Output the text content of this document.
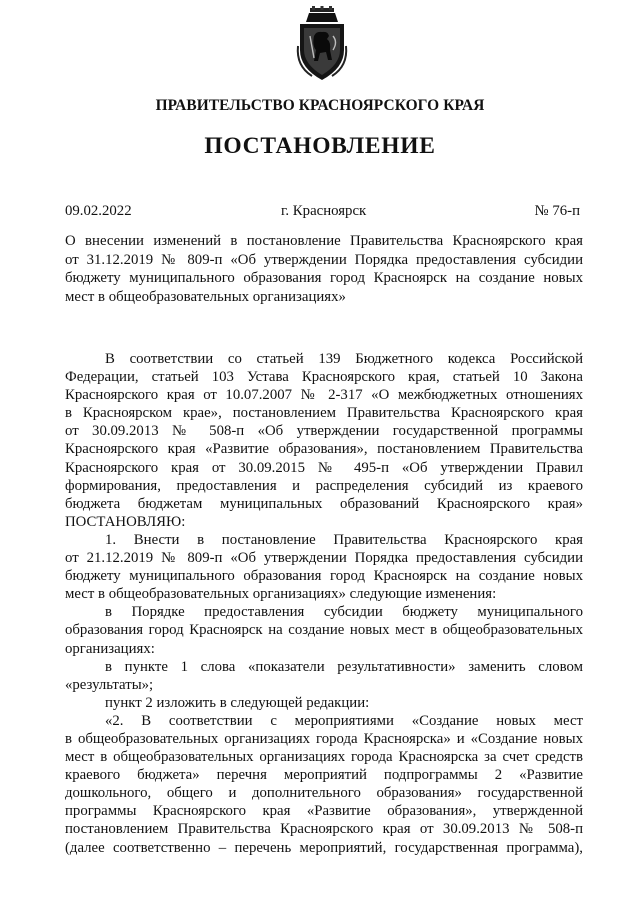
ПРАВИТЕЛЬСТВО КРАСНОЯРСКОГО КРАЯ
ПОСТАНОВЛЕНИЕ
09.02.2022	г. Красноярск	№ 76-п
О внесении изменений в постановление Правительства Красноярского края
от 31.12.2019 № 809-п «Об утверждении Порядка предоставления субсидии
бюджету муниципального образования город Красноярск на создание новых
мест в общеобразовательных организациях»
В соответствии со статьей 139 Бюджетного кодекса Российской
Федерации, статьей 103 Устава Красноярского края, статьей 10 Закона
Красноярского края от 10.07.2007 № 2-317 «О межбюджетных отношениях
в Красноярском крае», постановлением Правительства Красноярского края
от 30.09.2013 № 508-п «Об утверждении государственной программы
Красноярского края «Развитие образования», постановлением Правительства
Красноярского края от 30.09.2015 № 495-п «Об утверждении Правил
формирования, предоставления и распределения субсидий из краевого
бюджета бюджетам муниципальных образований Красноярского края»
ПОСТАНОВЛЯЮ:
1. Внести в постановление Правительства Красноярского края
от 21.12.2019 № 809-п «Об утверждении Порядка предоставления субсидии
бюджету муниципального образования город Красноярск на создание новых
мест в общеобразовательных организациях» следующие изменения:
в Порядке предоставления субсидии бюджету муниципального
образования город Красноярск на создание новых мест в общеобразовательных
организациях:
в пункте 1 слова «показатели результативности» заменить словом
«результаты»;
пункт 2 изложить в следующей редакции:
«2. В соответствии с мероприятиями «Создание новых мест
в общеобразовательных организациях города Красноярска» и «Создание новых
мест в общеобразовательных организациях города Красноярска за счет средств
краевого бюджета» перечня мероприятий подпрограммы 2 «Развитие
дошкольного, общего и дополнительного образования» государственной
программы Красноярского края «Развитие образования», утвержденной
постановлением Правительства Красноярского края от 30.09.2013 № 508-п
(далее соответственно – перечень мероприятий, государственная программа),
